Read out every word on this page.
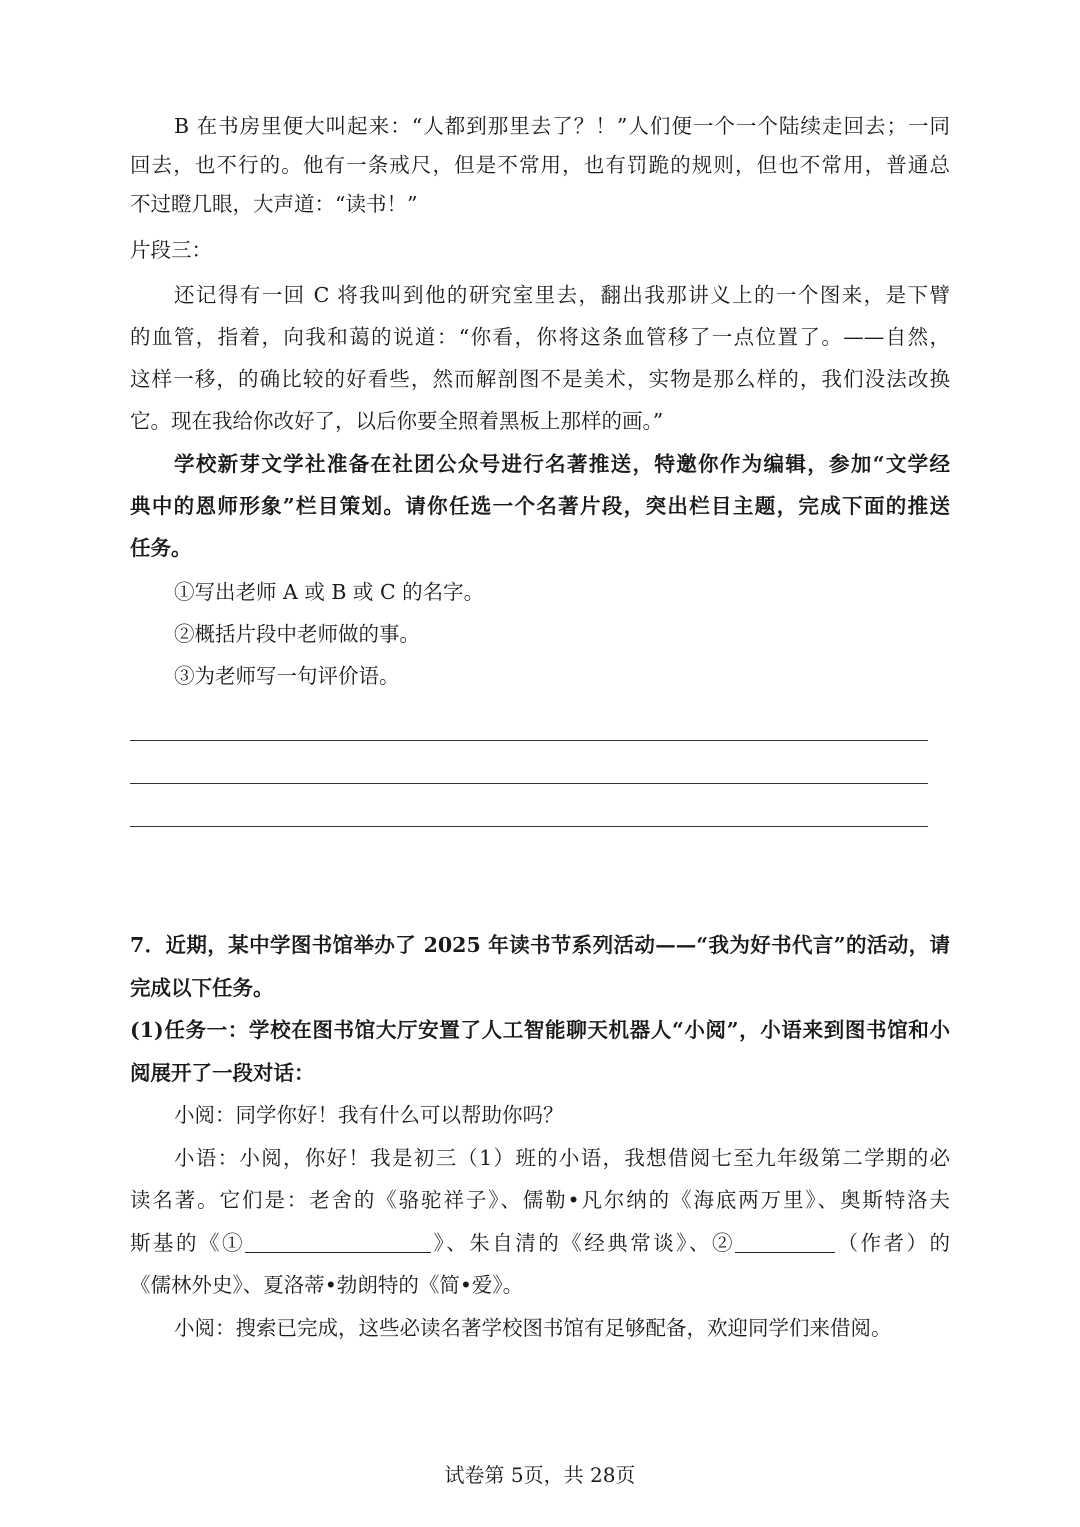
B 在书房里便大叫起来：“人都到那里去了？！”人们便一个一个陆续走回去；一同
回去，也不行的。他有一条戒尺，但是不常用，也有罚跪的规则，但也不常用，普通总
不过瞪几眼，大声道：“读书！”
片段三：
还记得有一回 C 将我叫到他的研究室里去，翻出我那讲义上的一个图来，是下臂
的血管，指着，向我和蔼的说道：“你看，你将这条血管移了一点位置了。——自然，
这样一移，的确比较的好看些，然而解剖图不是美术，实物是那么样的，我们没法改换
它。现在我给你改好了，以后你要全照着黑板上那样的画。”
学校新芽文学社准备在社团公众号进行名著推送，特邀你作为编辑，参加“文学经
典中的恩师形象”栏目策划。请你任选一个名著片段，突出栏目主题，完成下面的推送
任务。
①写出老师 A 或 B 或 C 的名字。
②概括片段中老师做的事。
③为老师写一句评价语。
7．近期，某中学图书馆举办了 2025 年读书节系列活动——“我为好书代言”的活动，请
完成以下任务。
(1)任务一：学校在图书馆大厅安置了人工智能聊天机器人“小阅”，小语来到图书馆和小
阅展开了一段对话：
小阅：同学你好！我有什么可以帮助你吗？
小语：小阅，你好！我是初三（1）班的小语，我想借阅七至九年级第二学期的必
读名著。它们是：老舍的《骆驼祥子》、儒勒•凡尔纳的《海底两万里》、奥斯特洛夫
斯基的《①	》、朱自清的《经典常谈》、②	（作者）的
《儒林外史》、夏洛蒂•勃朗特的《简•爱》。
小阅：搜索已完成，这些必读名著学校图书馆有足够配备，欢迎同学们来借阅。
试卷第 5页，共 28页
